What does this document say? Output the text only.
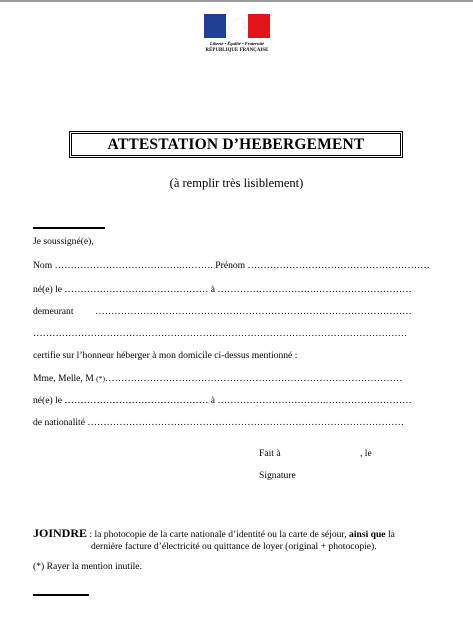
Liberté • Égalité • Fraternité
RÉPUBLIQUE FRANÇAISE
ATTESTATION D’HEBERGEMENT
(à remplir très lisiblement)
Je soussigné(e),
Nom ………………………………….………. Prénom …………………………………………………
né(e) le ……………………………………… à ………………………….…………………………
demeurant ………………………………………………………………………………………
………………………………………………………………………………………………………
certifie sur l’honneur héberger à mon domicile ci-dessus mentionné :
Mme, Melle, M (*)…………………………………………………………………………………
né(e) le ……………………………………… à …………………………….………………………
de nationalité ………………………………………………………………………………………
Fait à	, le
Signature
JOINDRE : la photocopie de la carte nationale d’identité ou la carte de séjour, ainsi que la
dernière facture d’électricité ou quittance de loyer (original + photocopie).
(*) Rayer la mention inutile.
